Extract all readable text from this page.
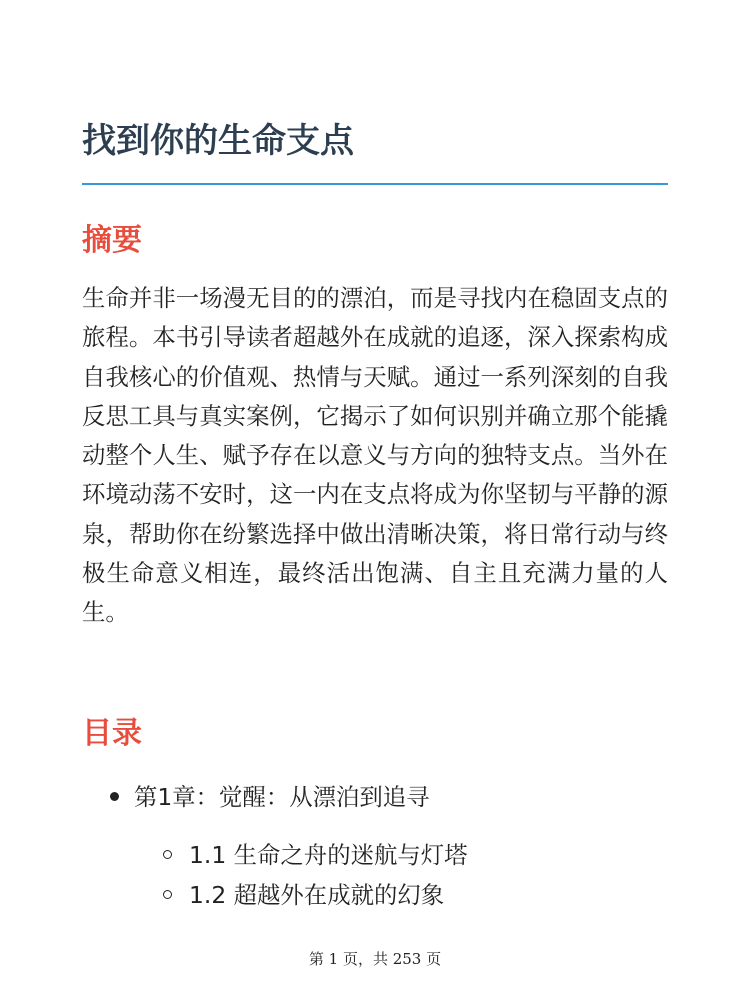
找到你的生命支点
摘要

生命并非一场漫无目的的漂泊，而是寻找内在稳固支点的旅程。本书引导读者超越外在成就的追逐，深入探索构成自我核心的价值观、热情与天赋。通过一系列深刻的自我反思工具与真实案例，它揭示了如何识别并确立那个能撬动整个人生、赋予存在以意义与方向的独特支点。当外在环境动荡不安时，这一内在支点将成为你坚韧与平静的源泉，帮助你在纷繁选择中做出清晰决策，将日常行动与终极生命意义相连，最终活出饱满、自主且充满力量的人生。

目录
第1章：觉醒：从漂泊到追寻
1.1 生命之舟的迷航与灯塔
1.2 超越外在成就的幻象
第 1 页，共 253 页
